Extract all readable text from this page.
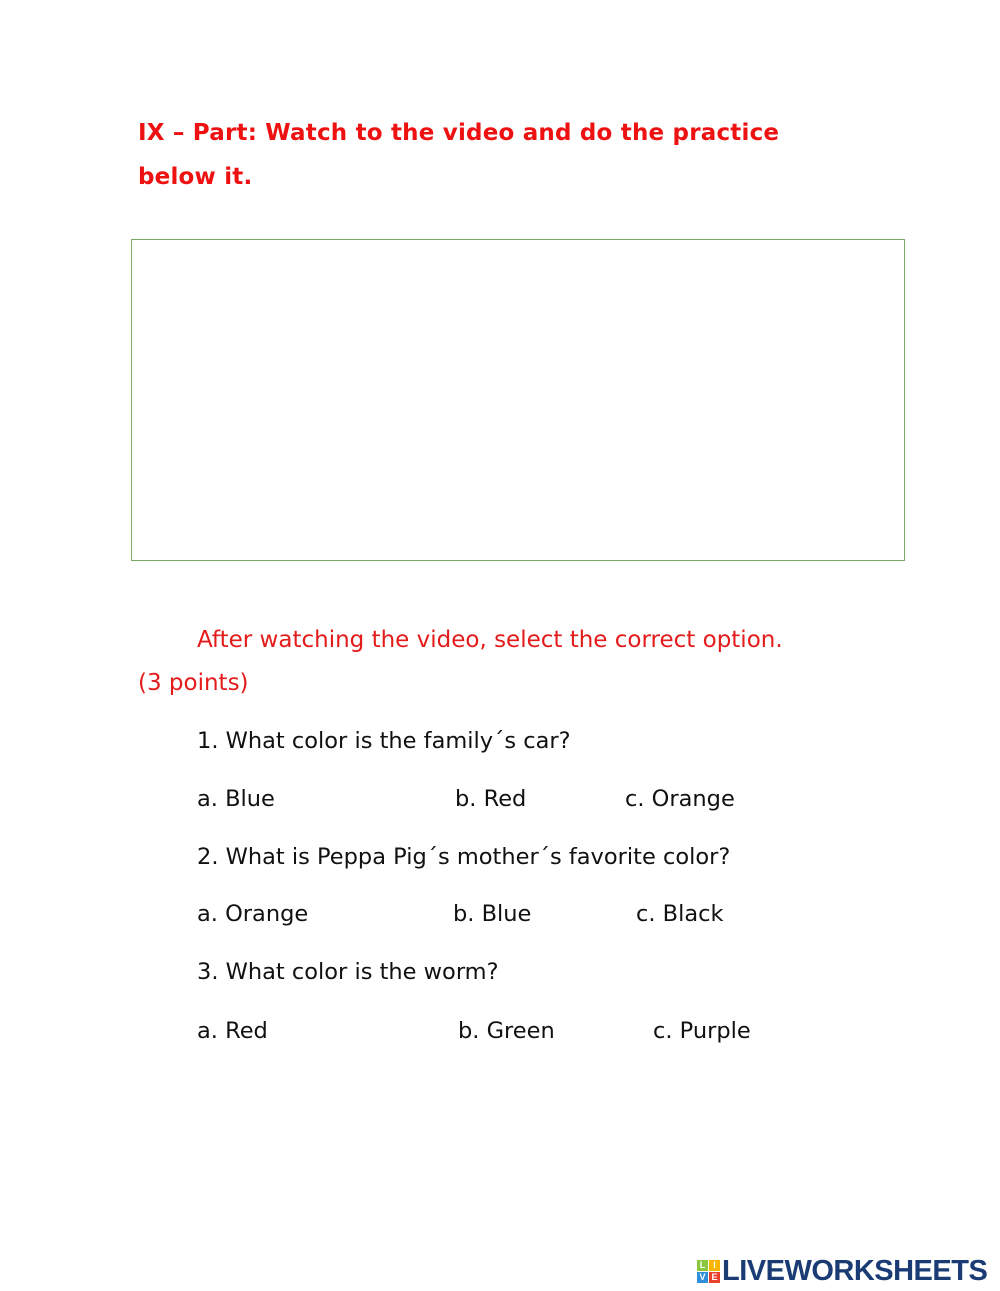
IX – Part: Watch to the video and do the practice
below it.
After watching the video, select the correct option.
(3 points)
1. What color is the family´s car?
a. Blue	b. Red	c. Orange
2. What is Peppa Pig´s mother´s favorite color?
a. Orange	b. Blue	c. Black
3. What color is the worm?
a. Red	b. Green	c. Purple
L I
V E LIVEWORKSHEETS
